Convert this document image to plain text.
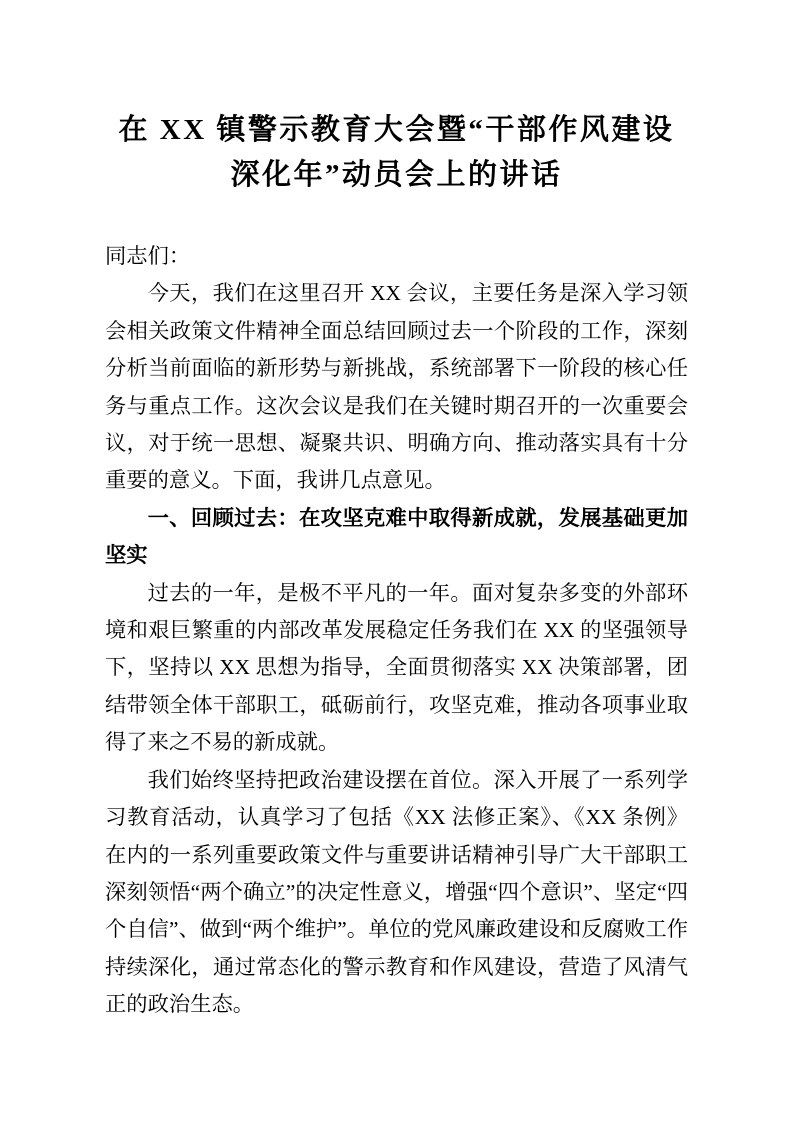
在 XX 镇警示教育大会暨“干部作风建设深化年”动员会上的讲话

同志们：

今天，我们在这里召开 XX 会议，主要任务是深入学习领会相关政策文件精神全面总结回顾过去一个阶段的工作，深刻分析当前面临的新形势与新挑战，系统部署下一阶段的核心任务与重点工作。这次会议是我们在关键时期召开的一次重要会议，对于统一思想、凝聚共识、明确方向、推动落实具有十分重要的意义。下面，我讲几点意见。

一、回顾过去：在攻坚克难中取得新成就，发展基础更加坚实

过去的一年，是极不平凡的一年。面对复杂多变的外部环境和艰巨繁重的内部改革发展稳定任务我们在 XX 的坚强领导下，坚持以 XX 思想为指导，全面贯彻落实 XX 决策部署，团结带领全体干部职工，砥砺前行，攻坚克难，推动各项事业取得了来之不易的新成就。

我们始终坚持把政治建设摆在首位。深入开展了一系列学习教育活动，认真学习了包括《XX 法修正案》、《XX 条例》在内的一系列重要政策文件与重要讲话精神引导广大干部职工深刻领悟“两个确立”的决定性意义，增强“四个意识”、坚定“四个自信”、做到“两个维护”。单位的党风廉政建设和反腐败工作持续深化，通过常态化的警示教育和作风建设，营造了风清气正的政治生态。
